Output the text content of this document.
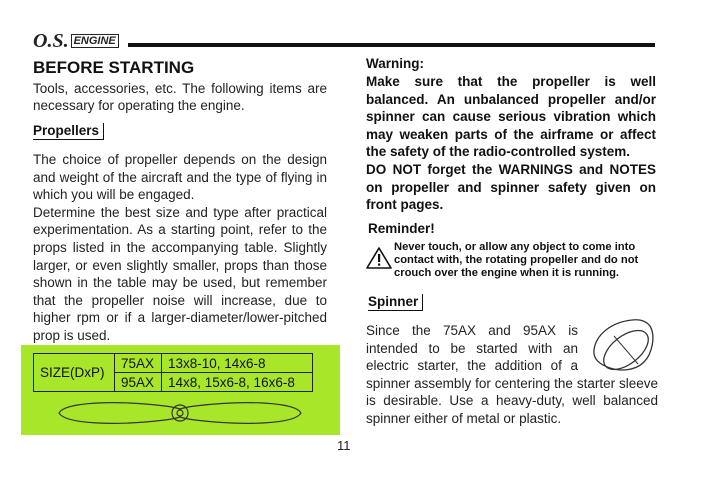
O.S. ENGINE
BEFORE STARTING
Tools, accessories, etc. The following items are necessary for operating the engine.
Propellers

The choice of propeller depends on the design and weight of the aircraft and the type of flying in which you will be engaged.

Determine the best size and type after practical experimentation. As a starting point, refer to the props listed in the accompanying table. Slightly larger, or even slightly smaller, props than those shown in the table may be used, but remember that the propeller noise will increase, due to higher rpm or if a larger-diameter/lower-pitched prop is used.

SIZE(DxP)	75AX	13x8-10, 14x6-8
	95AX	14x8, 15x6-8, 16x6-8
11
Warning:

Make sure that the propeller is well balanced. An unbalanced propeller and/or spinner can cause serious vibration which may weaken parts of the airframe or affect the safety of the radio-controlled system.

DO NOT forget the WARNINGS and NOTES on propeller and spinner safety given on front pages.

Reminder!
Never touch, or allow any object to come into contact with, the rotating propeller and do not crouch over the engine when it is running.
Spinner

Since the 75AX and 95AX is

intended to be started with an

electric starter, the addition of a

spinner assembly for centering the starter sleeve is desirable. Use a heavy-duty, well balanced spinner either of metal or plastic.
